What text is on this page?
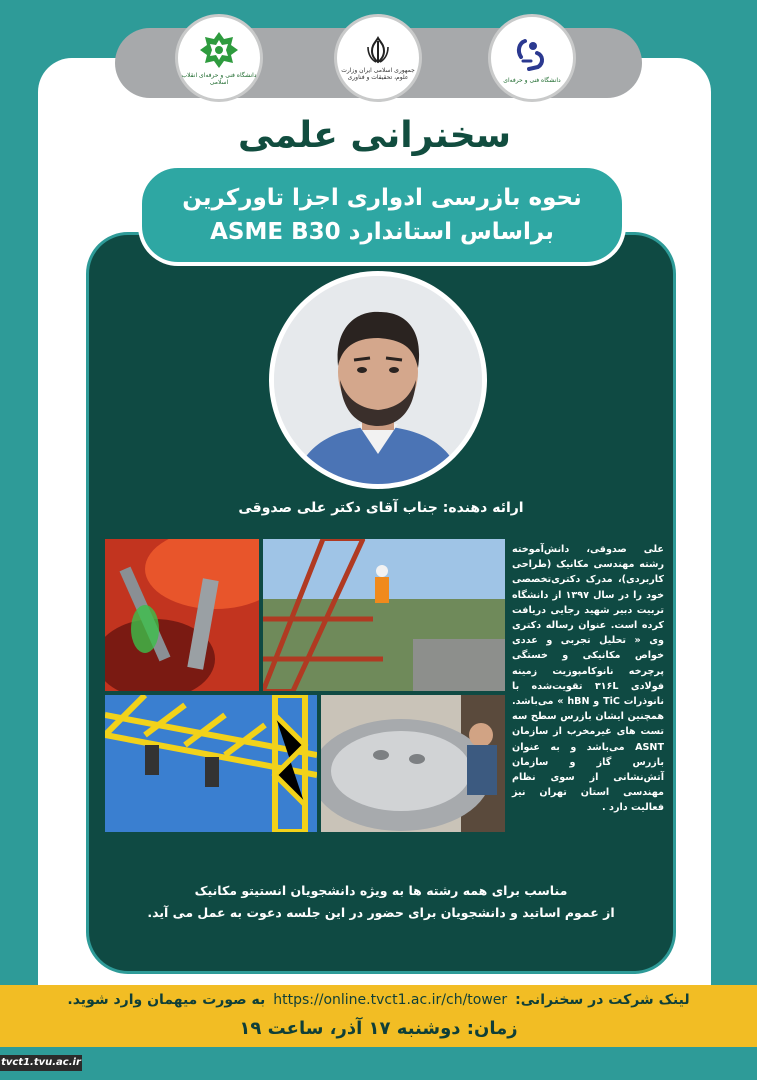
دانشگاه فنی و حرفه‌ای انقلاب اسلامی
جمهوری اسلامی ایران وزارت علوم، تحقیقات و فناوری	دانشگاه فنی و حرفه‌ای
سخنرانی علمی
نحوه بازرسی ادواری اجزا تاورکرین
براساس استاندارد ASME B30
ارائه دهنده: جناب آقای دکتر علی صدوقی
علی صدوقی، دانش‌آموخته رشته مهندسی مکانیک (طراحی کاربردی)، مدرک دکتری‌تخصصی خود را در سال ۱۳۹۷ از دانشگاه تربیت دبیر شهید رجایی دریافت کرده است. عنوان رساله دکتری وی « تحلیل تجربی و عددی خواص مکانیکی و خستگی پرچرخه نانوکامپوزیت زمینه فولادی ۳۱۶L تقویت‌شده با نانوذرات TiC و hBN » می‌باشد. همچنین ایشان بازرس سطح سه تست های غیرمخرب از سازمان ASNT می‌باشد و به عنوان بازرس گاز و سازمان آتش‌نشانی از سوی نظام مهندسی استان تهران نیز فعالیت دارد .
مناسب برای همه رشته ها به ویژه دانشجویان انستیتو مکانیک
از عموم اساتید و دانشجویان برای حضور در این جلسه دعوت به عمل می آید.
لینک شرکت در سخنرانی:
https://online.tvct1.ac.ir/ch/tower
به صورت میهمان وارد شوید.
زمان: دوشنبه ۱۷ آذر، ساعت ۱۹
tvct1.tvu.ac.ir
